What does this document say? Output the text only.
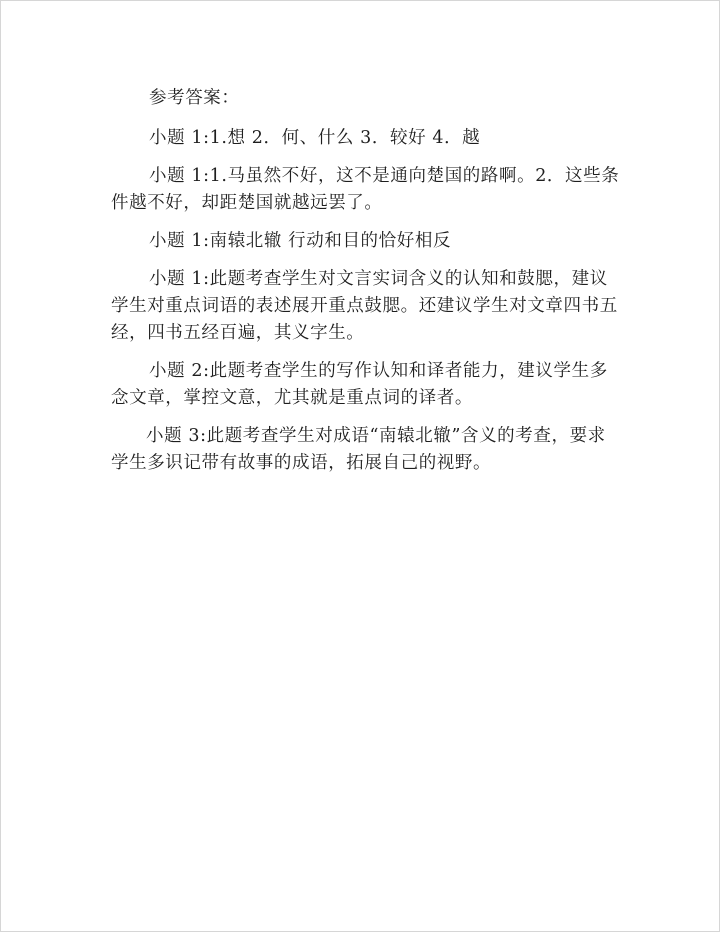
参考答案：

小题 1:1.想 2．何、什么 3．较好 4．越

小题 1:1.马虽然不好，这不是通向楚国的路啊。2．这些条件越不好，却距楚国就越远罢了。

小题 1:南辕北辙 行动和目的恰好相反

小题 1:此题考查学生对文言实词含义的认知和鼓腮，建议学生对重点词语的表述展开重点鼓腮。还建议学生对文章四书五经，四书五经百遍，其义字生。

小题 2:此题考查学生的写作认知和译者能力，建议学生多念文章，掌控文意，尤其就是重点词的译者。

小题 3:此题考查学生对成语“南辕北辙”含义的考查，要求学生多识记带有故事的成语，拓展自己的视野。
